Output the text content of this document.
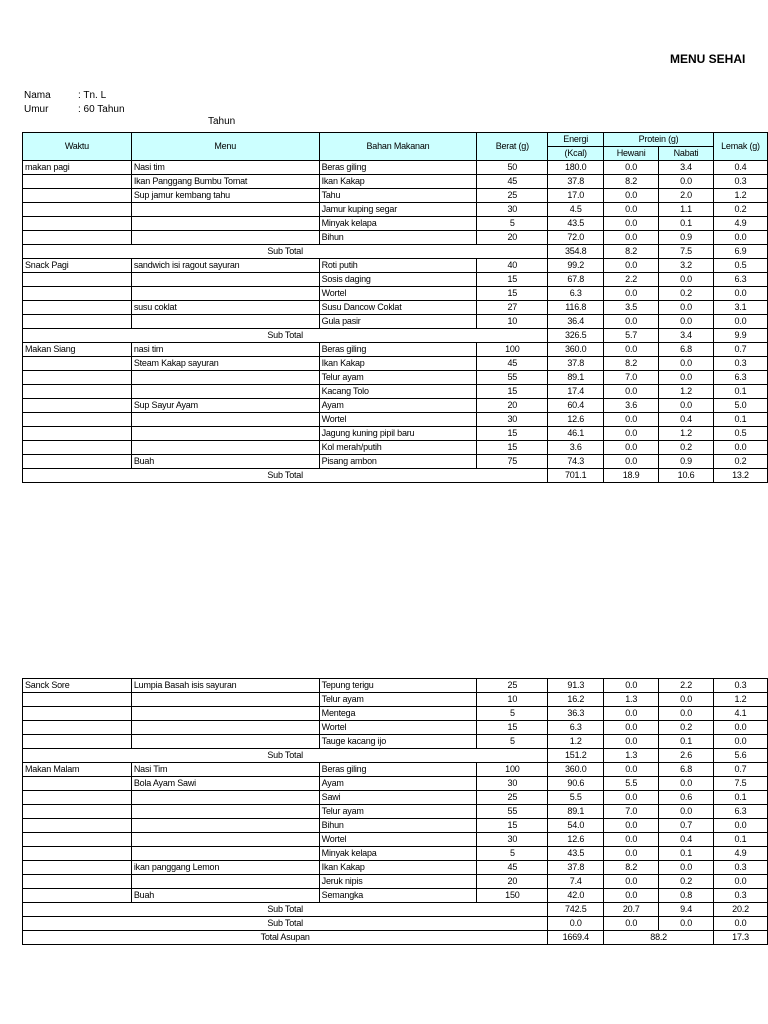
MENU SEHAI
Nama	: Tn. L
Umur	: 60 Tahun
Tahun
Waktu	Menu	Bahan Makanan	Berat (g)	Energi	Protein (g)		Lemak (g)
				(Kcal)	Hewani	Nabati	
makan pagi	Nasi tim	Beras giling	50	180.0	0.0	3.4	0.4
	Ikan Panggang Bumbu Tomat	Ikan Kakap	45	37.8	8.2	0.0	0.3
	Sup jamur kembang tahu	Tahu	25	17.0	0.0	2.0	1.2
		Jamur kuping segar	30	4.5	0.0	1.1	0.2
		Minyak kelapa	5	43.5	0.0	0.1	4.9
		Bihun	20	72.0	0.0	0.9	0.0
Sub Total				354.8	8.2	7.5	6.9
Snack Pagi	sandwich isi ragout sayuran	Roti putih	40	99.2	0.0	3.2	0.5
		Sosis daging	15	67.8	2.2	0.0	6.3
		Wortel	15	6.3	0.0	0.2	0.0
	susu coklat	Susu Dancow Coklat	27	116.8	3.5	0.0	3.1
		Gula pasir	10	36.4	0.0	0.0	0.0
Sub Total				326.5	5.7	3.4	9.9
Makan Siang	nasi tim	Beras giling	100	360.0	0.0	6.8	0.7
	Steam Kakap sayuran	Ikan Kakap	45	37.8	8.2	0.0	0.3
		Telur ayam	55	89.1	7.0	0.0	6.3
		Kacang Tolo	15	17.4	0.0	1.2	0.1
	Sup Sayur Ayam	Ayam	20	60.4	3.6	0.0	5.0
		Wortel	30	12.6	0.0	0.4	0.1
		Jagung kuning pipil baru	15	46.1	0.0	1.2	0.5
		Kol merah/putih	15	3.6	0.0	0.2	0.0
	Buah	Pisang ambon	75	74.3	0.0	0.9	0.2
Sub Total				701.1	18.9	10.6	13.2
Sanck Sore	Lumpia Basah isis sayuran	Tepung terigu	25	91.3	0.0	2.2	0.3
		Telur ayam	10	16.2	1.3	0.0	1.2
		Mentega	5	36.3	0.0	0.0	4.1
		Wortel	15	6.3	0.0	0.2	0.0
		Tauge kacang ijo	5	1.2	0.0	0.1	0.0
Sub Total				151.2	1.3	2.6	5.6
Makan Malam	Nasi Tim	Beras giling	100	360.0	0.0	6.8	0.7
	Bola Ayam Sawi	Ayam	30	90.6	5.5	0.0	7.5
		Sawi	25	5.5	0.0	0.6	0.1
		Telur ayam	55	89.1	7.0	0.0	6.3
		Bihun	15	54.0	0.0	0.7	0.0
		Wortel	30	12.6	0.0	0.4	0.1
		Minyak kelapa	5	43.5	0.0	0.1	4.9
	ikan panggang Lemon	Ikan Kakap	45	37.8	8.2	0.0	0.3
		Jeruk nipis	20	7.4	0.0	0.2	0.0
	Buah	Semangka	150	42.0	0.0	0.8	0.3
Sub Total				742.5	20.7	9.4	20.2
Sub Total				0.0	0.0	0.0	0.0
Total Asupan				1669.4	88.2		17.3
